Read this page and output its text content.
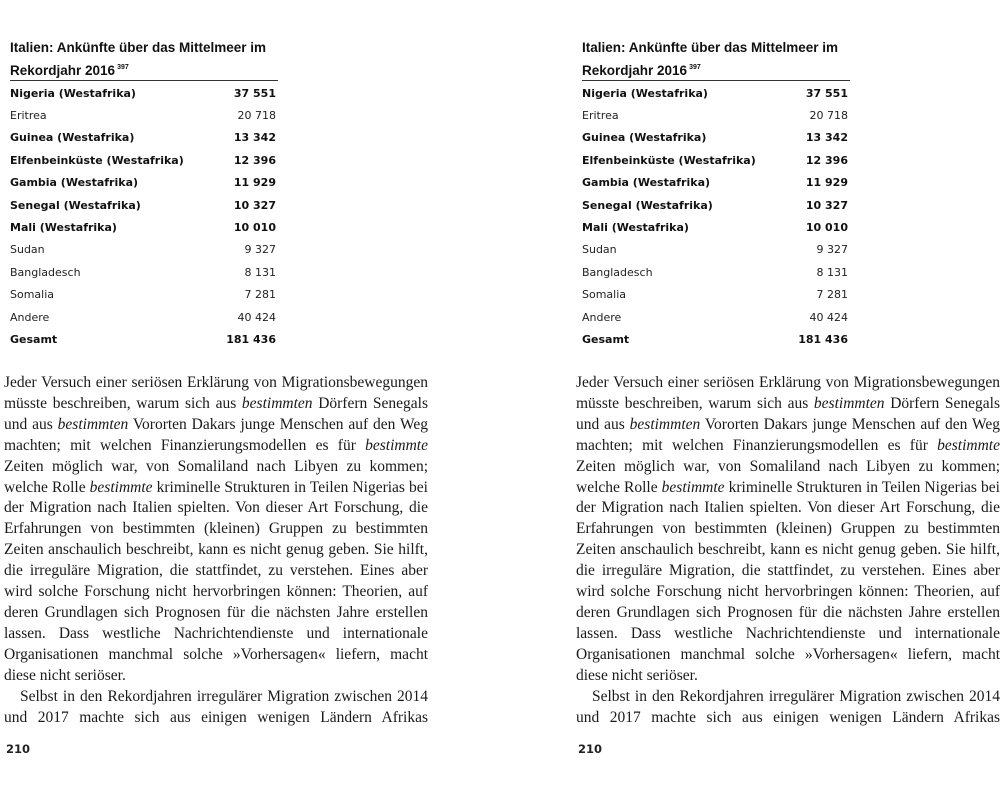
Italien: Ankünfte über das Mittelmeer im Rekordjahr 2016 $^{397}$
Nigeria (Westafrika)	37 551
Eritrea	20 718
Guinea (Westafrika)	13 342
Elfenbeinküste (Westafrika)	12 396
Gambia (Westafrika)	11 929
Senegal (Westafrika)	10 327
Mali (Westafrika)	10 010
Sudan	9 327
Bangladesch	8 131
Somalia	7 281
Andere	40 424
Gesamt	181 436

Jeder Versuch einer seriösen Erklärung von Migrationsbewegungen müsste beschreiben, warum sich aus bestimmten Dörfern Senegals und aus bestimmten Vororten Dakars junge Menschen auf den Weg machten; mit welchen Finanzierungsmodellen es für bestimmte Zeiten möglich war, von Somaliland nach Libyen zu kommen; welche Rolle bestimmte kriminelle Strukturen in Teilen Nigerias bei der Migration nach Italien spielten. Von dieser Art Forschung, die Erfahrungen von bestimmten (kleinen) Gruppen zu bestimmten Zeiten anschaulich beschreibt, kann es nicht genug geben. Sie hilft, die irreguläre Migration, die stattfindet, zu verstehen. Eines aber wird solche Forschung nicht hervorbringen können: Theorien, auf deren Grundlagen sich Prognosen für die nächsten Jahre erstellen lassen. Dass westliche Nachrichtendienste und internationale Organisationen manchmal solche »Vorhersagen« liefern, macht diese nicht seriöser.

Selbst in den Rekordjahren irregulärer Migration zwischen 2014 und 2017 machte sich aus einigen wenigen Ländern Afrikas

210
Italien: Ankünfte über das Mittelmeer im Rekordjahr 2016 $^{397}$
Nigeria (Westafrika)	37 551
Eritrea	20 718
Guinea (Westafrika)	13 342
Elfenbeinküste (Westafrika)	12 396
Gambia (Westafrika)	11 929
Senegal (Westafrika)	10 327
Mali (Westafrika)	10 010
Sudan	9 327
Bangladesch	8 131
Somalia	7 281
Andere	40 424
Gesamt	181 436

Jeder Versuch einer seriösen Erklärung von Migrationsbewegungen müsste beschreiben, warum sich aus bestimmten Dörfern Senegals und aus bestimmten Vororten Dakars junge Menschen auf den Weg machten; mit welchen Finanzierungsmodellen es für bestimmte Zeiten möglich war, von Somaliland nach Libyen zu kommen; welche Rolle bestimmte kriminelle Strukturen in Teilen Nigerias bei der Migration nach Italien spielten. Von dieser Art Forschung, die Erfahrungen von bestimmten (kleinen) Gruppen zu bestimmten Zeiten anschaulich beschreibt, kann es nicht genug geben. Sie hilft, die irreguläre Migration, die stattfindet, zu verstehen. Eines aber wird solche Forschung nicht hervorbringen können: Theorien, auf deren Grundlagen sich Prognosen für die nächsten Jahre erstellen lassen. Dass westliche Nachrichtendienste und internationale Organisationen manchmal solche »Vorhersagen« liefern, macht diese nicht seriöser.

Selbst in den Rekordjahren irregulärer Migration zwischen 2014 und 2017 machte sich aus einigen wenigen Ländern Afrikas

210
